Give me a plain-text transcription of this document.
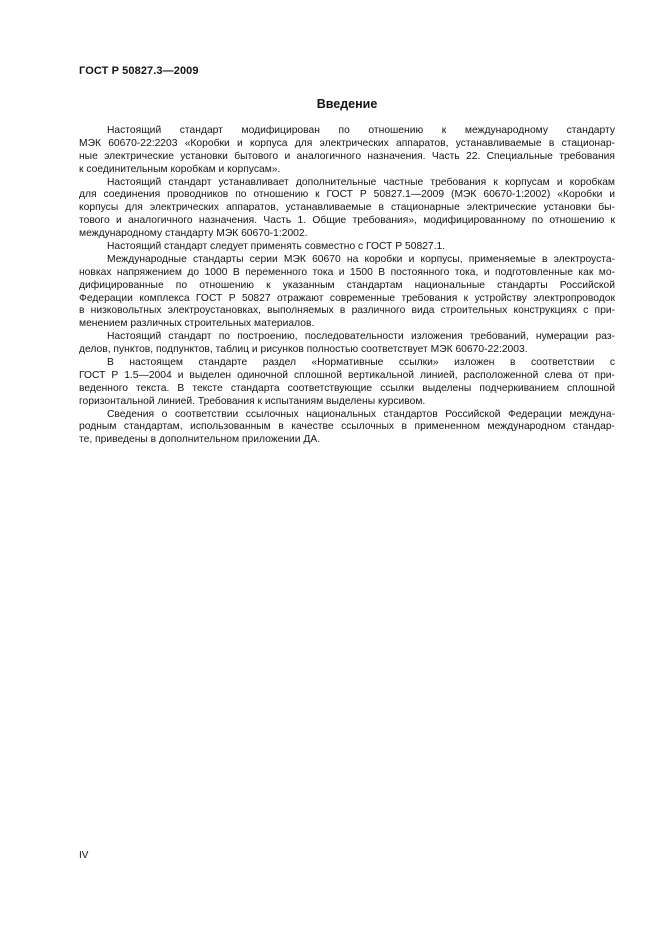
ГОСТ Р 50827.3—2009
Введение
Настоящий стандарт модифицирован по отношению к международному стандарту
МЭК 60670-22:2203 «Коробки и корпуса для электрических аппаратов, устанавливаемые в стационар-
ные электрические установки бытового и аналогичного назначения. Часть 22. Специальные требования
к соединительным коробкам и корпусам».
Настоящий стандарт устанавливает дополнительные частные требования к корпусам и коробкам
для соединения проводников по отношению к ГОСТ Р 50827.1—2009 (МЭК 60670-1:2002) «Коробки и
корпусы для электрических аппаратов, устанавливаемые в стационарные электрические установки бы-
тового и аналогичного назначения. Часть 1. Общие требования», модифицированному по отношению к
международному стандарту МЭК 60670-1:2002.
Настоящий стандарт следует применять совместно с ГОСТ Р 50827.1.
Международные стандарты серии МЭК 60670 на коробки и корпусы, применяемые в электроуста-
новках напряжением до 1000 В переменного тока и 1500 В постоянного тока, и подготовленные как мо-
дифицированные по отношению к указанным стандартам национальные стандарты Российской
Федерации комплекса ГОСТ Р 50827 отражают современные требования к устройству электропроводок
в низковольтных электроустановках, выполняемых в различного вида строительных конструкциях с при-
менением различных строительных материалов.
Настоящий стандарт по построению, последовательности изложения требований, нумерации раз-
делов, пунктов, подпунктов, таблиц и рисунков полностью соответствует МЭК 60670-22:2003.
В настоящем стандарте раздел «Нормативные ссылки» изложен в соответствии с
ГОСТ Р 1.5—2004 и выделен одиночной сплошной вертикальной линией, расположенной слева от при-
веденного текста. В тексте стандарта соответствующие ссылки выделены подчеркиванием сплошной
горизонтальной линией. Требования к испытаниям выделены курсивом.
Сведения о соответствии ссылочных национальных стандартов Российской Федерации междуна-
родным стандартам, использованным в качестве ссылочных в примененном международном стандар-
те, приведены в дополнительном приложении ДА.
IV
